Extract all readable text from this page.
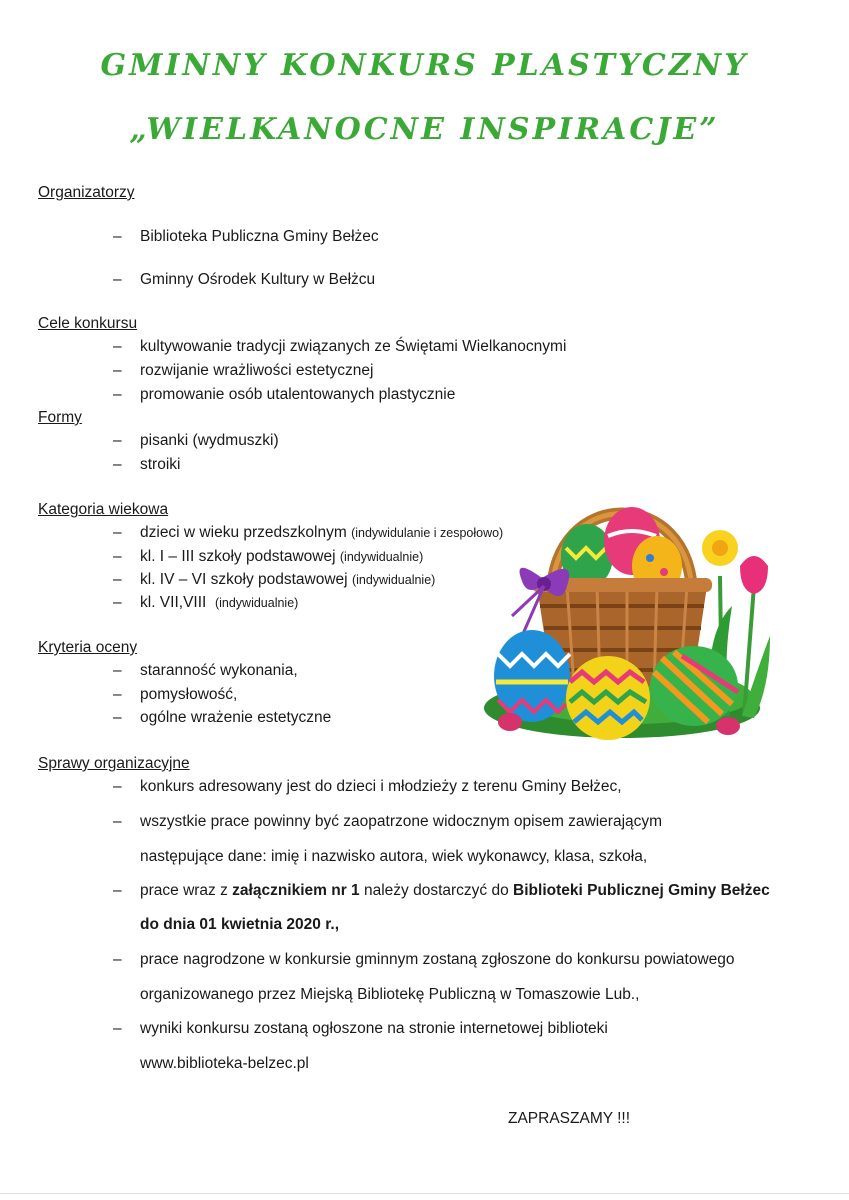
GMINNY KONKURS PLASTYCZNY
„WIELKANOCNE INSPIRACJE”
Organizatorzy
– Biblioteka Publiczna Gminy Bełżec
– Gminny Ośrodek Kultury w Bełżcu
Cele konkursu
– kultywowanie tradycji związanych ze Świętami Wielkanocnymi
– rozwijanie wrażliwości estetycznej
– promowanie osób utalentowanych plastycznie
Formy
– pisanki (wydmuszki)
– stroiki
Kategoria wiekowa
– dzieci w wieku przedszkolnym (indywidulanie i zespołowo)
– kl. I – III szkoły podstawowej (indywidualnie)
– kl. IV – VI szkoły podstawowej (indywidualnie)
– kl. VII,VIII (indywidualnie)
Kryteria oceny
– staranność wykonania,
– pomysłowość,
– ogólne wrażenie estetyczne
Sprawy organizacyjne
– konkurs adresowany jest do dzieci i młodzieży z terenu Gminy Bełżec,
– wszystkie prace powinny być zaopatrzone widocznym opisem zawierającym
następujące dane: imię i nazwisko autora, wiek wykonawcy, klasa, szkoła,
– prace wraz z załącznikiem nr 1 należy dostarczyć do Biblioteki Publicznej Gminy Bełżec
do dnia 01 kwietnia 2020 r.,
– prace nagrodzone w konkursie gminnym zostaną zgłoszone do konkursu powiatowego
organizowanego przez Miejską Bibliotekę Publiczną w Tomaszowie Lub.,
– wyniki konkursu zostaną ogłoszone na stronie internetowej biblioteki
www.biblioteka-belzec.pl
ZAPRASZAMY !!!
